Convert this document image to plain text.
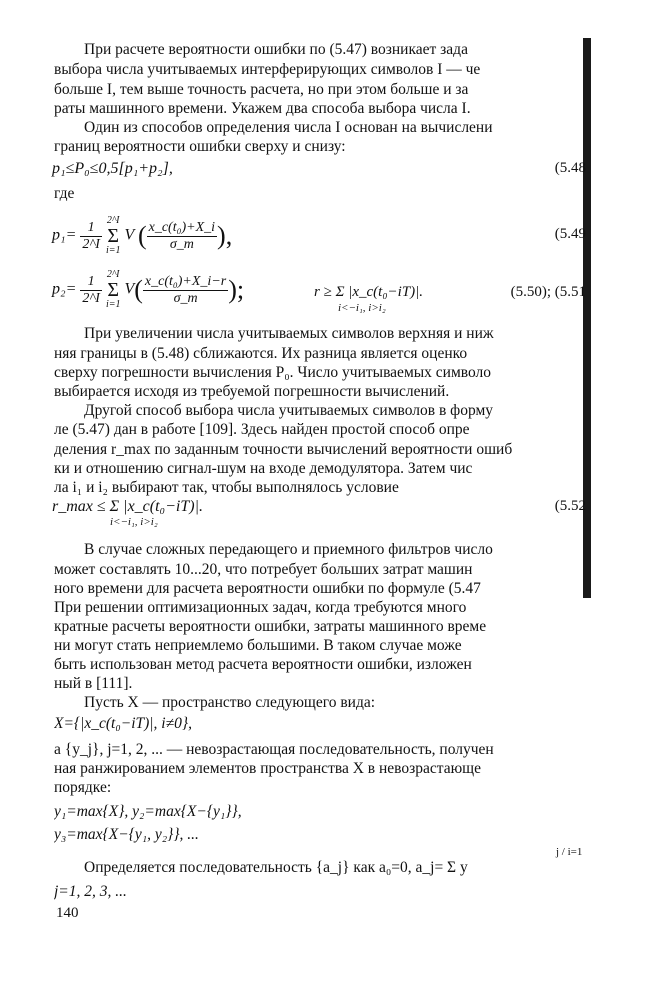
При расчете вероятности ошибки по (5.47) возникает зада
выбора числа учитываемых интерферирующих символов I — че
больше I, тем выше точность расчета, но при этом больше и за
раты машинного времени. Укажем два способа выбора числа I.
Один из способов определения числа I основан на вычислени
границ вероятности ошибки сверху и снизу:
p₁≤P₀≤0,5[p₁+p₂],	(5.48
где
$p_1= \frac{1}{2\^{}I}$
2^I
Σ
i=1
V ( $\frac{\text{x\_c(t₀)+X\_i}}{\sigma\_m}$ ),	(5.49
$p_2= \frac{1}{2\^{}I}$
2^I
Σ
i=1
$V( \frac{\text{x\_c(t₀)+X\_i−r}}{\sigma\_m}$ );	r ≥ Σ |x_c(t₀−iT)|.
i<−i₁, i>i₂
(5.50); (5.51
При увеличении числа учитываемых символов верхняя и ниж
няя границы в (5.48) сближаются. Их разница является оценко
сверху погрешности вычисления P₀. Число учитываемых символо
выбирается исходя из требуемой погрешности вычислений.
Другой способ выбора числа учитываемых символов в форму
ле (5.47) дан в работе [109]. Здесь найден простой способ опре
деления r_max по заданным точности вычислений вероятности ошиб
ки и отношению сигнал-шум на входе демодулятора. Затем чис
ла i₁ и i₂ выбирают так, чтобы выполнялось условие
r_max ≤ Σ |x_c(t₀−iT)|.
i<−i₁, i>i₂
(5.52
В случае сложных передающего и приемного фильтров число
может составлять 10...20, что потребует больших затрат машин
ного времени для расчета вероятности ошибки по формуле (5.47
При решении оптимизационных задач, когда требуются много
кратные расчеты вероятности ошибки, затраты машинного време
ни могут стать неприемлемо большими. В таком случае може
быть использован метод расчета вероятности ошибки, изложен
ный в [111].
Пусть X — пространство следующего вида:
X={|x_c(t₀−iT)|, i≠0},
а {y_j}, j=1, 2, ... — невозрастающая последовательность, получен
ная ранжированием элементов пространства X в невозрастающе
порядке:
y₁=max{X}, y₂=max{X−{y₁}},
y₃=max{X−{y₁, y₂}}, ...
Определяется последовательность {a_j} как a₀=0, a_j= Σ y
j / i=1
j=1, 2, 3, ...
140
